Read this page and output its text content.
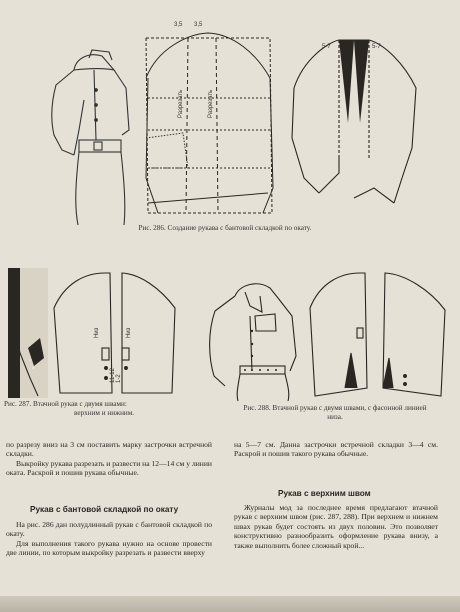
3,5 3,5
Разрезать	Разрезать
5-7	5-7
Рис. 286. Создание рукава с бантовой складкой по окату.
Низ	Низ
11-12 1-2
Рис. 287. Втачной рукав с двумя швами:
верхним и нижним.
Рис. 288. Втачной рукав с двумя швами, с фасонной линией
низа.

по разрезу вниз на 3 см поставить марку застрочки встречной складки.

Выкройку рукава разрезать и развести на 12—14 см у линии оката. Раскрой и пошив рукава обычные.

Рукав с бантовой складкой по окату

На рис. 286 дан полудлинный рукав с бантовой складкой по окату.

Для выполнения такого рукава нужно на основе провести две линии, по которым выкройку разрезать и развести вверху

на 5—7 см. Данна застрочки встречной складки 3—4 см. Раскрой и пошив такого рукава обычные.

Рукав с верхним швом

Журналы мод за последнее время предлагают втачной рукав с верхним швом (рис. 287, 288). При верхнем и нижнем швах рукав будет состоять из двух половин. Это позволяет конструктивно разнообразить оформление рукава внизу, а также выполнить более сложный крой...
